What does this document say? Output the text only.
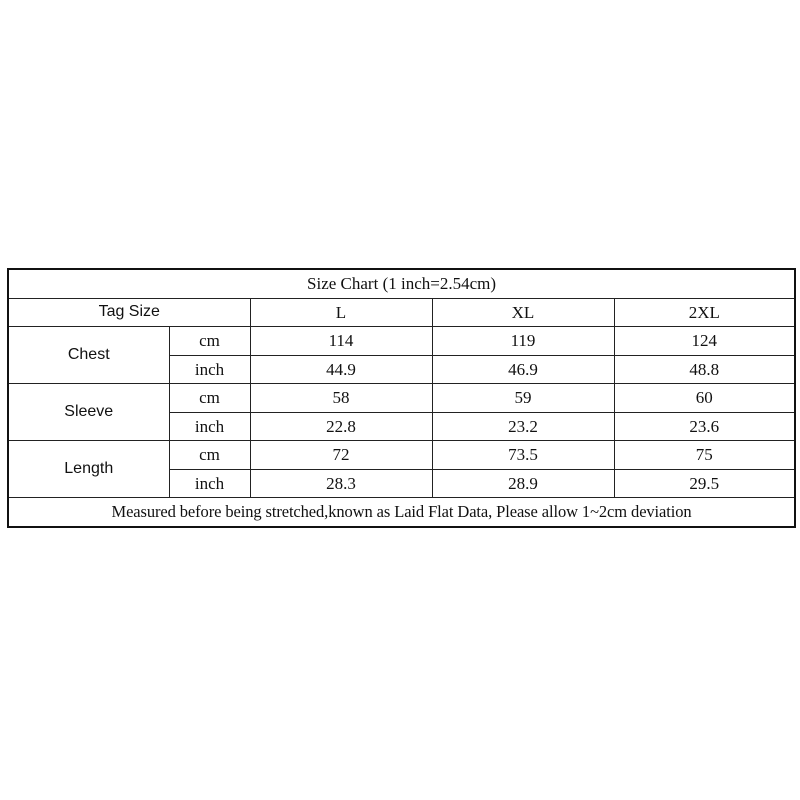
Size Chart (1 inch=2.54cm)				
Tag Size		L	XL	2XL
Chest	cm	114	119	124
	inch	44.9	46.9	48.8
Sleeve	cm	58	59	60
	inch	22.8	23.2	23.6
Length	cm	72	73.5	75
	inch	28.3	28.9	29.5
Measured before being stretched,known as Laid Flat Data, Please allow 1~2cm deviation				
